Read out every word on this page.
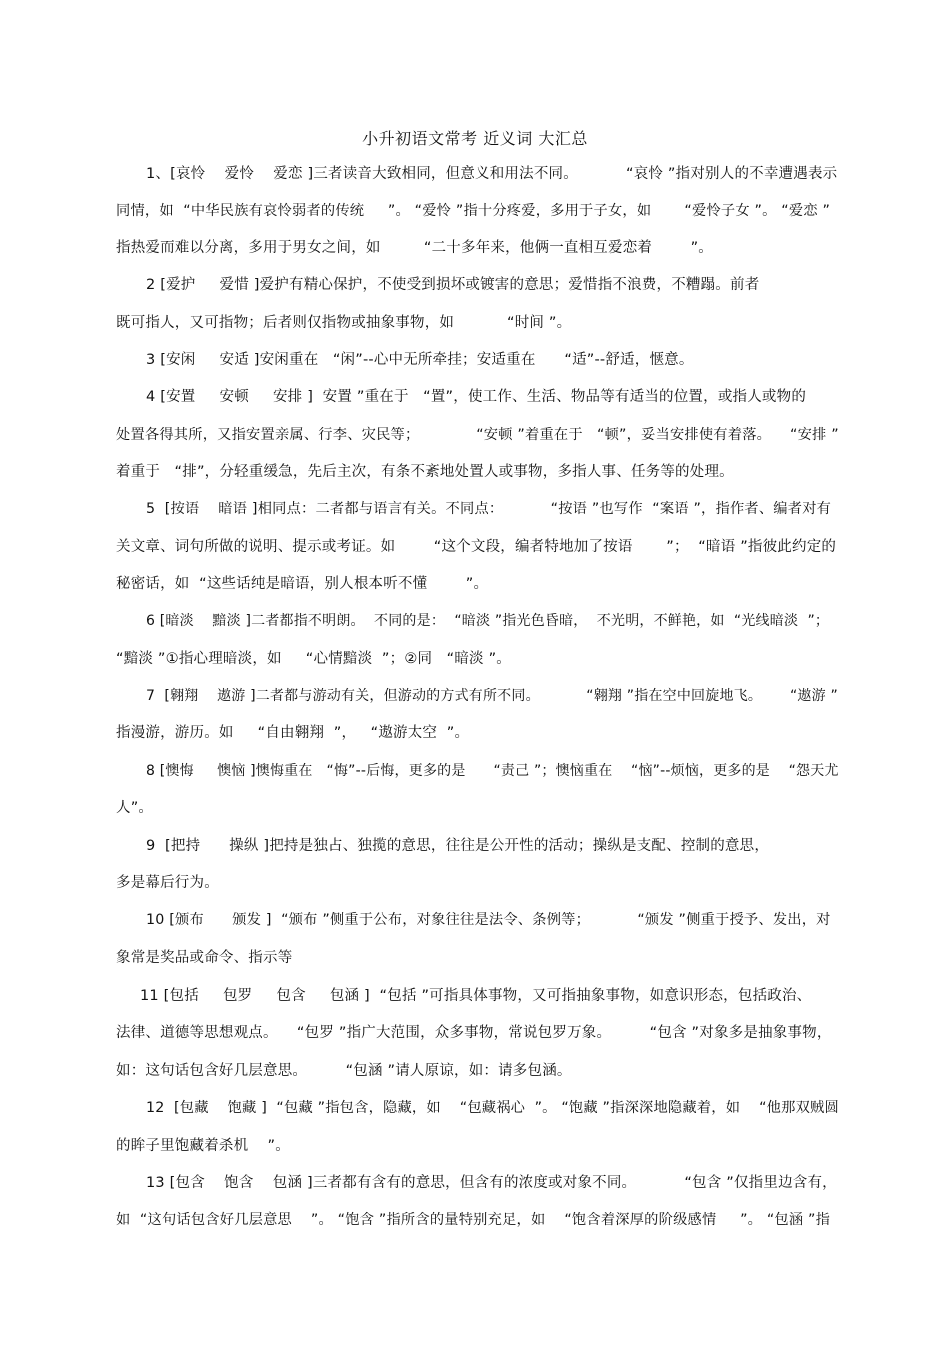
小升初语文常考 近义词 大汇总
1、[哀怜    爱怜    爱恋 ]三者读音大致相同，但意义和用法不同。          “哀怜 ”指对别人的不幸遭遇表示
同情，如  “中华民族有哀怜弱者的传统     ”。 “爱怜 ”指十分疼爱，多用于子女，如       “爱怜子女 ”。 “爱恋 ”
指热爱而难以分离，多用于男女之间，如         “二十多年来，他俩一直相互爱恋着        ”。
2 [爱护     爱惜 ]爱护有精心保护，不使受到损坏或镀害的意思；爱惜指不浪费，不糟蹋。前者
既可指人，又可指物；后者则仅指物或抽象事物，如           “时间 ”。
3 [安闲     安适 ]安闲重在   “闲”--心中无所牵挂；安适重在      “适”--舒适，惬意。
4 [安置     安顿     安排 ]  安置 ”重在于   “置”，使工作、生活、物品等有适当的位置，或指人或物的
处置各得其所，又指安置亲属、行李、灾民等；            “安顿 ”着重在于   “顿”，妥当安排使有着落。    “安排 ”
着重于   “排”，分轻重缓急，先后主次，有条不紊地处置人或事物，多指人事、任务等的处理。
5  [按语    暗语 ]相同点：二者都与语言有关。不同点：          “按语 ”也写作  “案语 ”，指作者、编者对有
关文章、词句所做的说明、提示或考证。如        “这个文段，编者特地加了按语       ”；  “暗语 ”指彼此约定的
秘密话，如  “这些话纯是暗语，别人根本听不懂        ”。
6 [暗淡    黯淡 ]二者都指不明朗。  不同的是：  “暗淡 ”指光色昏暗，  不光明，不鲜艳，如  “光线暗淡  ”；
“黯淡 ”①指心理暗淡，如     “心情黯淡  ”；②同   “暗淡 ”。
7  [翱翔    遨游 ]二者都与游动有关，但游动的方式有所不同。          “翱翔 ”指在空中回旋地飞。      “遨游 ”
指漫游，游历。如     “自由翱翔  ”，   “遨游太空  ”。
8 [懊悔     懊恼 ]懊悔重在   “悔”--后悔，更多的是      “责己 ”；懊恼重在    “恼”--烦恼，更多的是    “怨天尤
人”。
9  [把持      操纵 ]把持是独占、独揽的意思，往往是公开性的活动；操纵是支配、控制的意思，
多是幕后行为。
10 [颁布      颁发 ]  “颁布 ”侧重于公布，对象往往是法令、条例等；          “颁发 ”侧重于授予、发出，对
象常是奖品或命令、指示等
11 [包括     包罗     包含     包涵 ]  “包括 ”可指具体事物，又可指抽象事物，如意识形态，包括政治、
法律、道德等思想观点。    “包罗 ”指广大范围，众多事物，常说包罗万象。        “包含 ”对象多是抽象事物，
如：这句话包含好几层意思。        “包涵 ”请人原谅，如：请多包涵。
12  [包藏    饱藏 ]  “包藏 ”指包含，隐藏，如    “包藏祸心  ”。 “饱藏 ”指深深地隐藏着，如    “他那双贼圆
的眸子里饱藏着杀机    ”。
13 [包含    饱含    包涵 ]三者都有含有的意思，但含有的浓度或对象不同。          “包含 ”仅指里边含有，
如  “这句话包含好几层意思    ”。 “饱含 ”指所含的量特别充足，如    “饱含着深厚的阶级感情     ”。 “包涵 ”指
